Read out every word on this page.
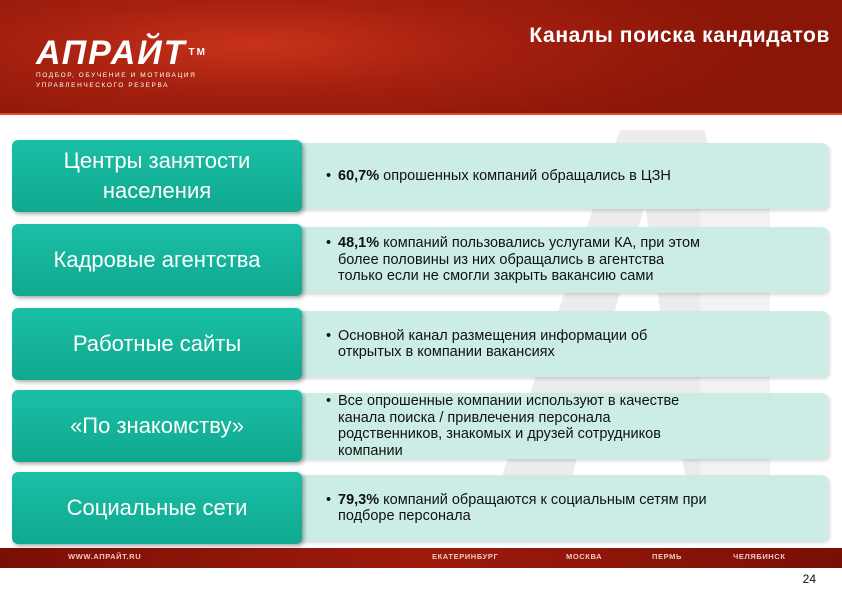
АПРАЙТ ™
ПОДБОР, ОБУЧЕНИЕ И МОТИВАЦИЯ
УПРАВЛЕНЧЕСКОГО РЕЗЕРВА
Каналы поиска кандидатов
Центры занятости населения
• 60,7% опрошенных компаний обращались в ЦЗН
Кадровые агентства
• 48,1% компаний пользовались услугами КА, при этом
более половины из них обращались в агентства
только если не смогли закрыть вакансию сами
Работные сайты	• Основной канал размещения информации об
открытых в компании вакансиях
«По знакомству»
• Все опрошенные компании используют в качестве
канала поиска / привлечения персонала
родственников, знакомых и друзей сотрудников
компании
Социальные сети	• 79,3% компаний обращаются к социальным сетям при
подборе персонала
WWW.АПРАЙТ.RU	ЕКАТЕРИНБУРГ	МОСКВА	ПЕРМЬ	ЧЕЛЯБИНСК
24
